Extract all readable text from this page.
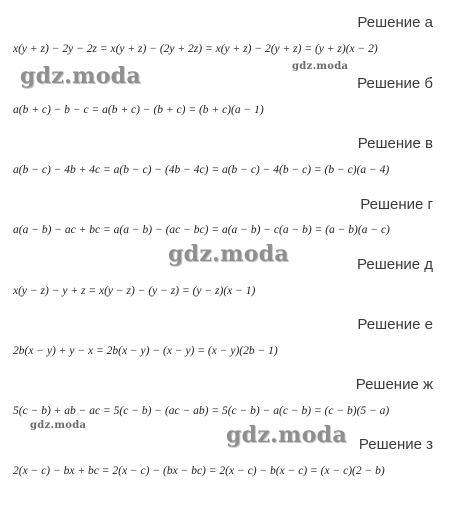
Решение а
x(y + z) − 2y − 2z = x(y + z) − (2y + 2z) = x(y + z) − 2(y + z) = (y + z)(x − 2)
Решение б
a(b + c) − b − c = a(b + c) − (b + c) = (b + c)(a − 1)
Решение в
a(b − c) − 4b + 4c = a(b − c) − (4b − 4c) = a(b − c) − 4(b − c) = (b − c)(a − 4)
Решение г
a(a − b) − ac + bc = a(a − b) − (ac − bc) = a(a − b) − c(a − b) = (a − b)(a − c)
Решение д
x(y − z) − y + z = x(y − z) − (y − z) = (y − z)(x − 1)
Решение е
2b(x − y) + y − x = 2b(x − y) − (x − y) = (x − y)(2b − 1)
Решение ж
5(c − b) + ab − ac = 5(c − b) − (ac − ab) = 5(c − b) − a(c − b) = (c − b)(5 − a)
Решение з
2(x − c) − bx + bc = 2(x − c) − (bx − bc) = 2(x − c) − b(x − c) = (x − c)(2 − b)
gdz.moda	gdz.moda
gdz.moda
gdz.moda	gdz.moda
